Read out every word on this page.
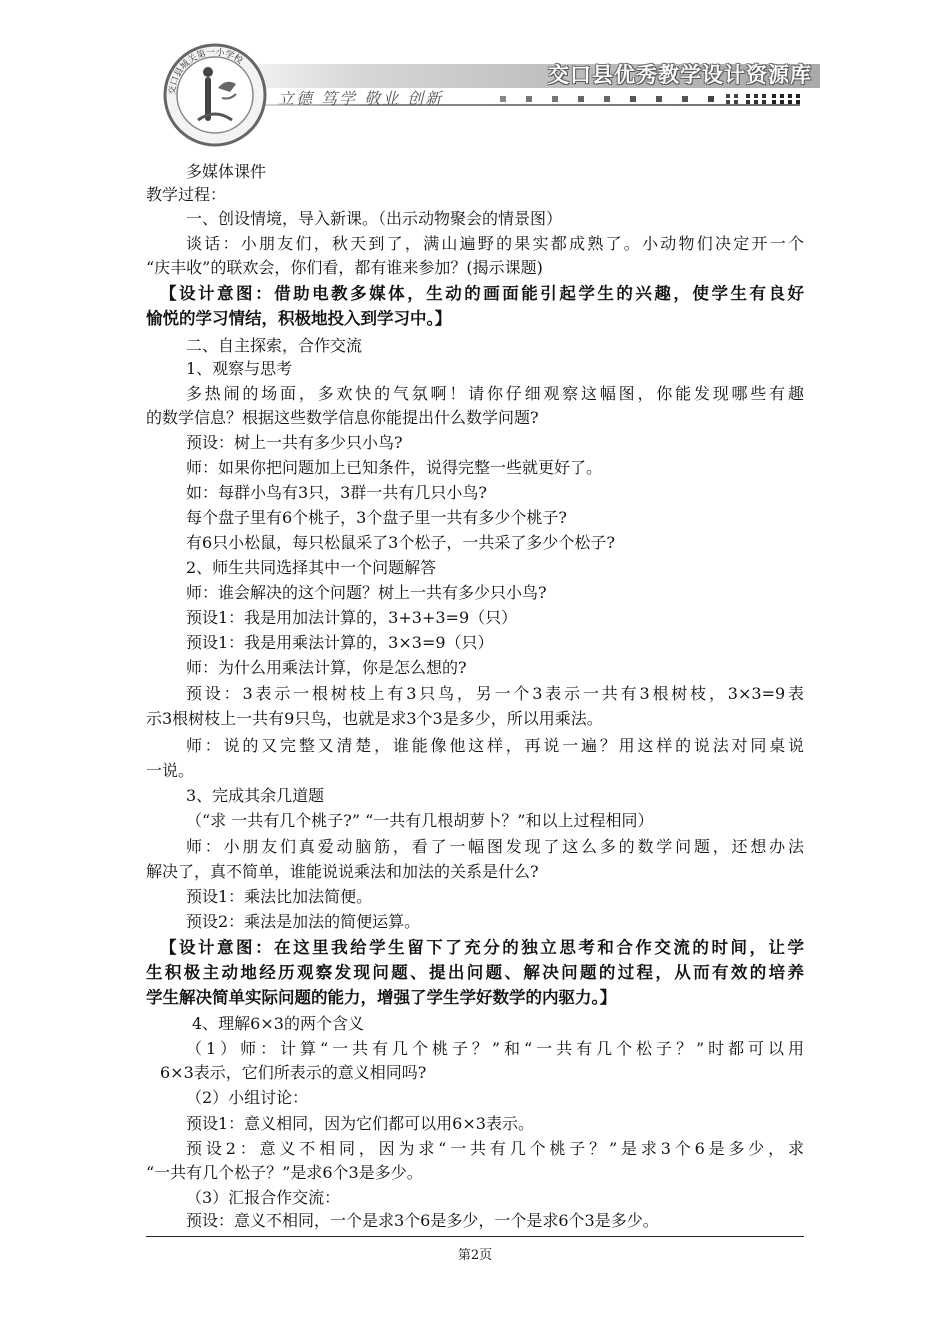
交口县优秀教学设计资源库
立德 笃学 敬业 创新
交口县城关第一小学校
多媒体课件
教学过程：
一、创设情境，导入新课。（出示动物聚会的情景图）
谈话：小朋友们，秋天到了，满山遍野的果实都成熟了。小动物们决定开一个
“庆丰收”的联欢会，你们看，都有谁来参加？(揭示课题)
【设计意图：借助电教多媒体，生动的画面能引起学生的兴趣，使学生有良好
愉悦的学习情结，积极地投入到学习中。】
二、自主探索，合作交流
1、观察与思考
多热闹的场面，多欢快的气氛啊！请你仔细观察这幅图，你能发现哪些有趣
的数学信息？根据这些数学信息你能提出什么数学问题?
预设：树上一共有多少只小鸟?
师：如果你把问题加上已知条件，说得完整一些就更好了。
如：每群小鸟有3只，3群一共有几只小鸟?
每个盘子里有6个桃子，3个盘子里一共有多少个桃子?
有6只小松鼠，每只松鼠采了3个松子，一共采了多少个松子?
2、师生共同选择其中一个问题解答
师：谁会解决的这个问题？树上一共有多少只小鸟?
预设1：我是用加法计算的，3+3+3=9（只）
预设1：我是用乘法计算的，3×3=9（只）
师：为什么用乘法计算，你是怎么想的?
预设：3表示一根树枝上有3只鸟，另一个3表示一共有3根树枝，3×3=9表
示3根树枝上一共有9只鸟，也就是求3个3是多少，所以用乘法。
师：说的又完整又清楚，谁能像他这样，再说一遍？用这样的说法对同桌说
一说。
3、完成其余几道题
（“求 一共有几个桃子?” “一共有几根胡萝卜？”和以上过程相同）
师：小朋友们真爱动脑筋，看了一幅图发现了这么多的数学问题，还想办法
解决了，真不简单，谁能说说乘法和加法的关系是什么?
预设1：乘法比加法简便。
预设2：乘法是加法的简便运算。
【设计意图：在这里我给学生留下了充分的独立思考和合作交流的时间，让学
生积极主动地经历观察发现问题、提出问题、解决问题的过程，从而有效的培养
学生解决简单实际问题的能力，增强了学生学好数学的内驱力。】
4、理解6×3的两个含义
（1）师：计算“一共有几个桃子？”和“一共有几个松子？”时都可以用
6×3表示，它们所表示的意义相同吗?
（2）小组讨论：
预设1：意义相同，因为它们都可以用6×3表示。
预设2：意义不相同，因为求“一共有几个桃子？”是求3个6是多少，求
“一共有几个松子？”是求6个3是多少。
（3）汇报合作交流：
预设：意义不相同，一个是求3个6是多少，一个是求6个3是多少。
第2页
